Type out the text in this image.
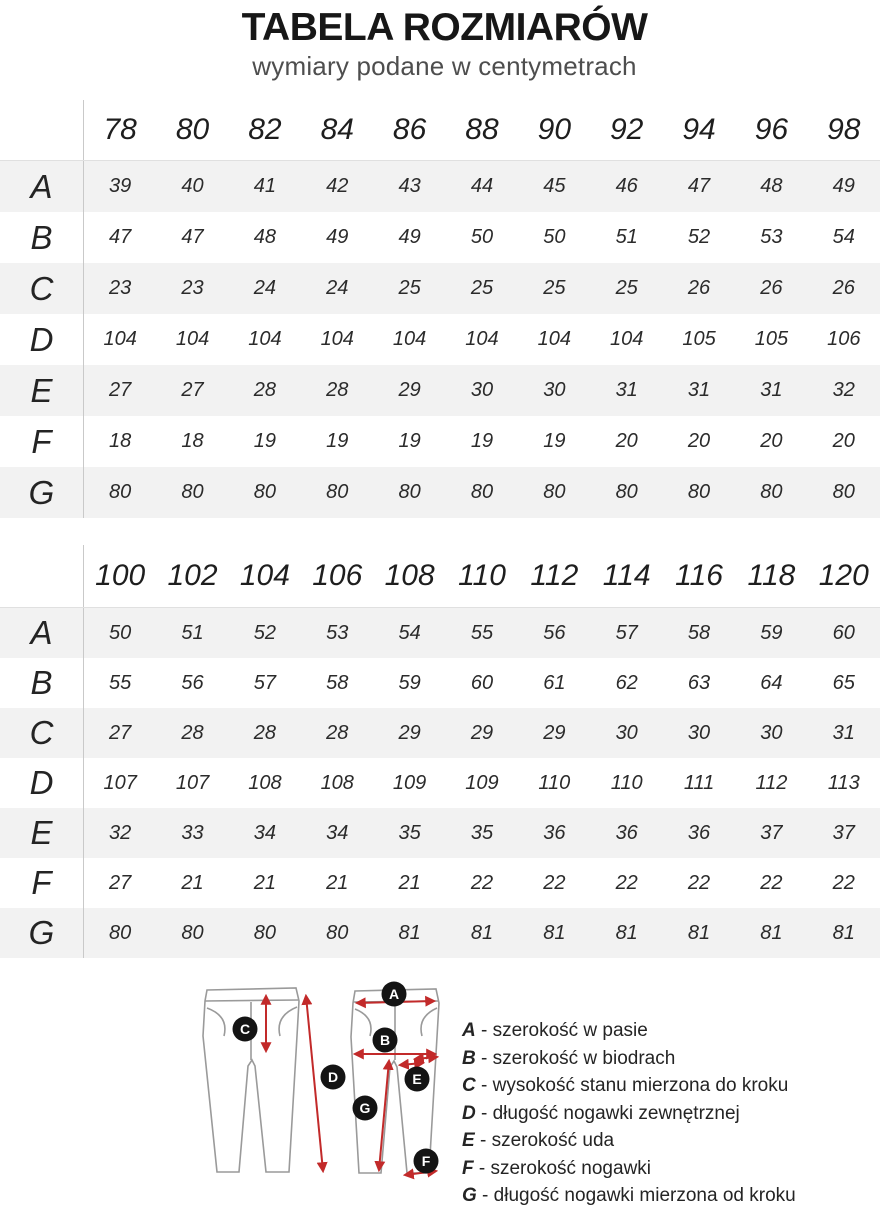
TABELA ROZMIARÓW
wymiary podane w centymetrach
78	80	82	84	86	88	90	92	94	96	98
A	39	40	41	42	43	44	45	46	47	48	49
B	47	47	48	49	49	50	50	51	52	53	54
C	23	23	24	24	25	25	25	25	26	26	26
D	104	104	104	104	104	104	104	104	105	105	106
E	27	27	28	28	29	30	30	31	31	31	32
F	18	18	19	19	19	19	19	20	20	20	20
G	80	80	80	80	80	80	80	80	80	80	80
100 102 104 106 108 110 112 114 116 118 120
A	50	51	52	53	54	55	56	57	58	59	60
B	55	56	57	58	59	60	61	62	63	64	65
C	27	28	28	28	29	29	29	30	30	30	31
D	107	107	108	108	109	109	110	110	111	112	113
E	32	33	34	34	35	35	36	36	36	37	37
F	27	21	21	21	21	22	22	22	22	22	22
G	80	80	80	80	81	81	81	81	81	81	81
C
D
A
B
E
G
F
A - szerokość w pasie
B - szerokość w biodrach
C - wysokość stanu mierzona do kroku
D - długość nogawki zewnętrznej
E - szerokość uda
F - szerokość nogawki
G - długość nogawki mierzona od kroku
